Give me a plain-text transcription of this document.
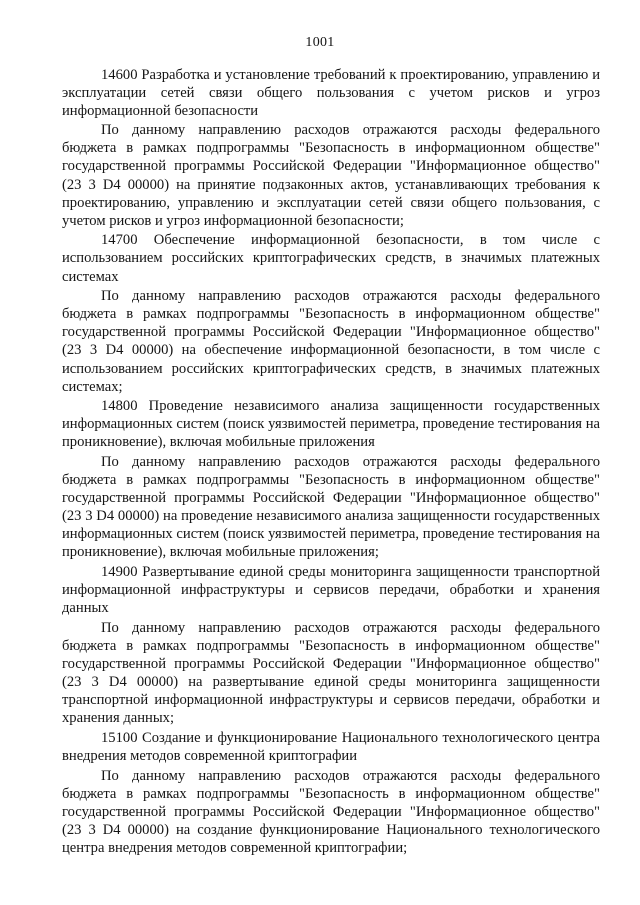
1001

14600 Разработка и установление требований к проектированию, управлению и эксплуатации сетей связи общего пользования с учетом рисков и угроз информационной безопасности

По данному направлению расходов отражаются расходы федерального бюджета в рамках подпрограммы "Безопасность в информационном обществе" государственной программы Российской Федерации "Информационное общество" (23 3 D4 00000) на принятие подзаконных актов, устанавливающих требования к проектированию, управлению и эксплуатации сетей связи общего пользования, с учетом рисков и угроз информационной безопасности;

14700 Обеспечение информационной безопасности, в том числе с использованием российских криптографических средств, в значимых платежных системах

По данному направлению расходов отражаются расходы федерального бюджета в рамках подпрограммы "Безопасность в информационном обществе" государственной программы Российской Федерации "Информационное общество" (23 3 D4 00000) на обеспечение информационной безопасности, в том числе с использованием российских криптографических средств, в значимых платежных системах;

14800 Проведение независимого анализа защищенности государственных информационных систем (поиск уязвимостей периметра, проведение тестирования на проникновение), включая мобильные приложения

По данному направлению расходов отражаются расходы федерального бюджета в рамках подпрограммы "Безопасность в информационном обществе" государственной программы Российской Федерации "Информационное общество" (23 3 D4 00000) на проведение независимого анализа защищенности государственных информационных систем (поиск уязвимостей периметра, проведение тестирования на проникновение), включая мобильные приложения;

14900 Развертывание единой среды мониторинга защищенности транспортной информационной инфраструктуры и сервисов передачи, обработки и хранения данных

По данному направлению расходов отражаются расходы федерального бюджета в рамках подпрограммы "Безопасность в информационном обществе" государственной программы Российской Федерации "Информационное общество" (23 3 D4 00000) на развертывание единой среды мониторинга защищенности транспортной информационной инфраструктуры и сервисов передачи, обработки и хранения данных;

15100 Создание и функционирование Национального технологического центра внедрения методов современной криптографии

По данному направлению расходов отражаются расходы федерального бюджета в рамках подпрограммы "Безопасность в информационном обществе" государственной программы Российской Федерации "Информационное общество" (23 3 D4 00000) на создание функционирование Национального технологического центра внедрения методов современной криптографии;
